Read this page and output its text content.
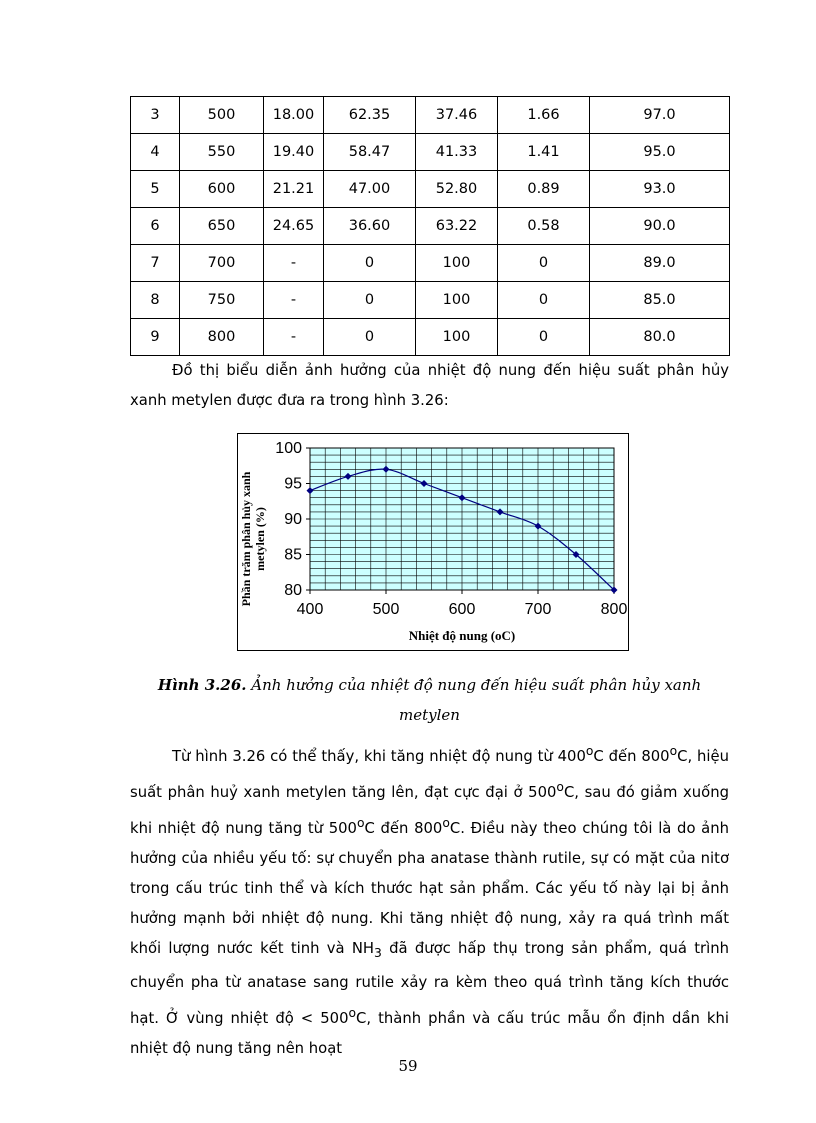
3	500	18.00	62.35	37.46	1.66	97.0
4	550	19.40	58.47	41.33	1.41	95.0
5	600	21.21	47.00	52.80	0.89	93.0
6	650	24.65	36.60	63.22	0.58	90.0
7	700	-	0	100	0	89.0
8	750	-	0	100	0	85.0
9	800	-	0	100	0	80.0

Đồ thị biểu diễn ảnh hưởng của nhiệt độ nung đến hiệu suất phân hủy xanh metylen được đưa ra trong hình 3.26:

80
85
90
95
100
400	500	600	700	800
Nhiệt độ nung (oC)
Phần trăm phân hủy xanhmetylen (%)
Hình 3.26. Ảnh hưởng của nhiệt độ nung đến hiệu suất phân hủy xanh metylen

Từ hình 3.26 có thể thấy, khi tăng nhiệt độ nung từ 400$^o$C đến 800$^o$C, hiệu suất phân huỷ xanh metylen tăng lên, đạt cực đại ở 500$^o$C, sau đó giảm xuống khi nhiệt độ nung tăng từ 500$^o$C đến 800$^o$C. Điều này theo chúng tôi là do ảnh hưởng của nhiều yếu tố: sự chuyển pha anatase thành rutile, sự có mặt của nitơ trong cấu trúc tinh thể và kích thước hạt sản phẩm. Các yếu tố này lại bị ảnh hưởng mạnh bởi nhiệt độ nung. Khi tăng nhiệt độ nung, xảy ra quá trình mất khối lượng nước kết tinh và $NH_3$ đã được hấp thụ trong sản phẩm, quá trình chuyển pha từ anatase sang rutile xảy ra kèm theo quá trình tăng kích thước hạt. Ở vùng nhiệt độ < $500^oC$, thành phần và cấu trúc mẫu ổn định dần khi nhiệt độ nung tăng nên hoạt

59
